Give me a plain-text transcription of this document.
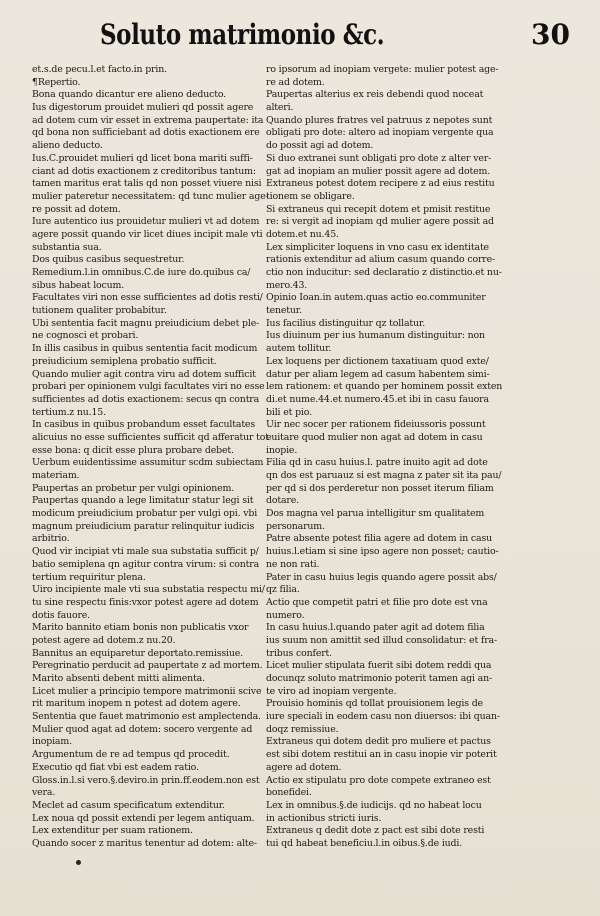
Soluto matrimonio &c.	30
et.s.de pecu.l.et facto.in prin.
¶Repertio.
Bona quando dicantur ere alieno deducto.
Ius digestorum prouidet mulieri qd possit agere
ad dotem cum vir esset in extrema paupertate: ita
qd bona non sufficiebant ad dotis exactionem ere
alieno deducto.
Ius.C.prouidet mulieri qd licet bona mariti suffi-
ciant ad dotis exactionem z creditoribus tantum:
tamen maritus erat talis qd non posset viuere nisi
mulier pateretur necessitatem: qd tunc mulier age-
re possit ad dotem.
Iure autentico ius prouidetur mulieri vt ad dotem
agere possit quando vir licet diues incipit male vti
substantia sua.
Dos quibus casibus sequestretur.
Remedium.l.in omnibus.C.de iure do.quibus ca/
sibus habeat locum.
Facultates viri non esse sufficientes ad dotis resti/
tutionem qualiter probabitur.
Ubi sententia facit magnu preiudicium debet ple-
ne cognosci et probari.
In illis casibus in quibus sententia facit modicum
preiudicium semiplena probatio sufficit.
Quando mulier agit contra viru ad dotem sufficit
probari per opinionem vulgi facultates viri no esse
sufficientes ad dotis exactionem: secus qn contra
tertium.z nu.15.
In casibus in quibus probandum esset facultates
alicuius no esse sufficientes sufficit qd afferatur tot
esse bona: q dicit esse plura probare debet.
Uerbum euidentissime assumitur scdm subiectam
materiam.
Paupertas an probetur per vulgi opinionem.
Paupertas quando a lege limitatur statur legi sit
modicum preiudicium probatur per vulgi opi. vbi
magnum preiudicium paratur relinquitur iudicis
arbitrio.
Quod vir incipiat vti male sua substatia sufficit p/
batio semiplena qn agitur contra virum: si contra
tertium requiritur plena.
Uiro incipiente male vti sua substatia respectu mi/
tu sine respectu finis:vxor potest agere ad dotem
dotis fauore.
Marito bannito etiam bonis non publicatis vxor
potest agere ad dotem.z nu.20.
Bannitus an equiparetur deportato.remissiue.
Peregrinatio perducit ad paupertate z ad mortem.
Marito absenti debent mitti alimenta.
Licet mulier a principio tempore matrimonii scive
rit maritum inopem n potest ad dotem agere.
Sententia que fauet matrimonio est amplectenda.
Mulier quod agat ad dotem: socero vergente ad
inopiam.
Argumentum de re ad tempus qd procedit.
Executio qd fiat vbi est eadem ratio.
Gloss.in.l.si vero.§.deviro.in prin.ff.eodem.non est
vera.
Meclet ad casum specificatum extenditur.
Lex noua qd possit extendi per legem antiquam.
Lex extenditur per suam rationem.
Quando socer z maritus tenentur ad dotem: alte-
ro ipsorum ad inopiam vergete: mulier potest age-
re ad dotem.
Paupertas alterius ex reis debendi quod noceat
alteri.
Quando plures fratres vel patruus z nepotes sunt
obligati pro dote: altero ad inopiam vergente qua
do possit agi ad dotem.
Si duo extranei sunt obligati pro dote z alter ver-
gat ad inopiam an mulier possit agere ad dotem.
Extraneus potest dotem recipere z ad eius restitu
tionem se obligare.
Si extraneus qui recepit dotem et pmisit restitue
re: si vergit ad inopiam qd mulier agere possit ad
dotem.et nu.45.
Lex simpliciter loquens in vno casu ex identitate
rationis extenditur ad alium casum quando corre-
ctio non inducitur: sed declaratio z distinctio.et nu-
mero.43.
Opinio Ioan.in autem.quas actio eo.communiter
tenetur.
Ius facilius distinguitur qz tollatur.
Ius diuinum per ius humanum distinguitur: non
autem tollitur.
Lex loquens per dictionem taxatiuam quod exte/
datur per aliam legem ad casum habentem simi-
lem rationem: et quando per hominem possit exten
di.et nume.44.et numero.45.et ibi in casu fauora
bili et pio.
Uir nec socer per rationem fideiussoris possunt
euitare quod mulier non agat ad dotem in casu
inopie.
Filia qd in casu huius.l. patre inuito agit ad dote
qn dos est paruauz si est magna z pater sit ita pau/
per qd si dos perderetur non posset iterum filiam
dotare.
Dos magna vel parua intelligitur sm qualitatem
personarum.
Patre absente potest filia agere ad dotem in casu
huius.l.etiam si sine ipso agere non posset; cautio-
ne non rati.
Pater in casu huius legis quando agere possit abs/
qz filia.
Actio que competit patri et filie pro dote est vna
numero.
In casu huius.l.quando pater agit ad dotem filia
ius suum non amittit sed illud consolidatur: et fra-
tribus confert.
Licet mulier stipulata fuerit sibi dotem reddi qua
docunqz soluto matrimonio poterit tamen agi an-
te viro ad inopiam vergente.
Prouisio hominis qd tollat prouisionem legis de
iure speciali in eodem casu non diuersos: ibi quan-
doqz remissiue.
Extraneus qui dotem dedit pro muliere et pactus
est sibi dotem restitui an in casu inopie vir poterit
agere ad dotem.
Actio ex stipulatu pro dote compete extraneo est
bonefidei.
Lex in omnibus.§.de iudicijs. qd no habeat locu
in actionibus stricti iuris.
Extraneus q dedit dote z pact est sibi dote resti
tui qd habeat beneficiu.l.in oibus.§.de iudi.
